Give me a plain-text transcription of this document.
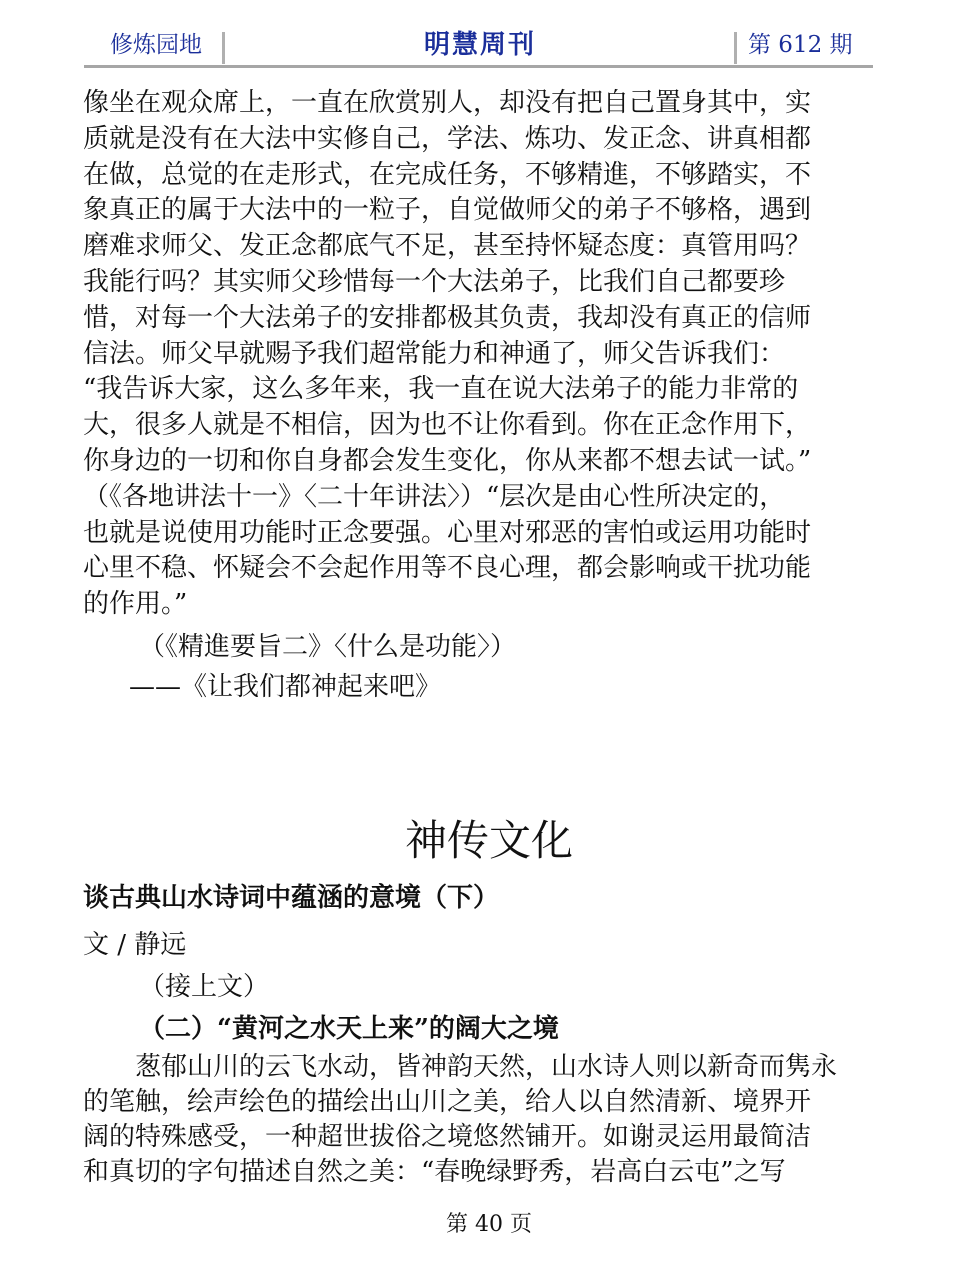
修炼园地	明慧周刊	第 612 期
像坐在观众席上，一直在欣赏别人，却没有把自己置身其中，实
质就是没有在大法中实修自己，学法、炼功、发正念、讲真相都
在做，总觉的在走形式，在完成任务，不够精進，不够踏实，不
象真正的属于大法中的一粒子，自觉做师父的弟子不够格，遇到
磨难求师父、发正念都底气不足，甚至持怀疑态度：真管用吗？
我能行吗？其实师父珍惜每一个大法弟子，比我们自己都要珍
惜，对每一个大法弟子的安排都极其负责，我却没有真正的信师
信法。师父早就赐予我们超常能力和神通了，师父告诉我们：
“我告诉大家，这么多年来，我一直在说大法弟子的能力非常的
大，很多人就是不相信，因为也不让你看到。你在正念作用下，
你身边的一切和你自身都会发生变化，你从来都不想去试一试。”
（《各地讲法十一》〈二十年讲法〉）“层次是由心性所决定的，
也就是说使用功能时正念要强。心里对邪恶的害怕或运用功能时
心里不稳、怀疑会不会起作用等不良心理，都会影响或干扰功能
的作用。”
（《精進要旨二》〈什么是功能〉）
——《让我们都神起来吧》
神传文化
谈古典山水诗词中蕴涵的意境（下）
文 / 静远
（接上文）
（二）“黄河之水天上来”的阔大之境
葱郁山川的云飞水动，皆神韵天然，山水诗人则以新奇而隽永
的笔触，绘声绘色的描绘出山川之美，给人以自然清新、境界开
阔的特殊感受，一种超世拔俗之境悠然铺开。如谢灵运用最简洁
和真切的字句描述自然之美：“春晚绿野秀，岩高白云屯”之写
第 40 页
